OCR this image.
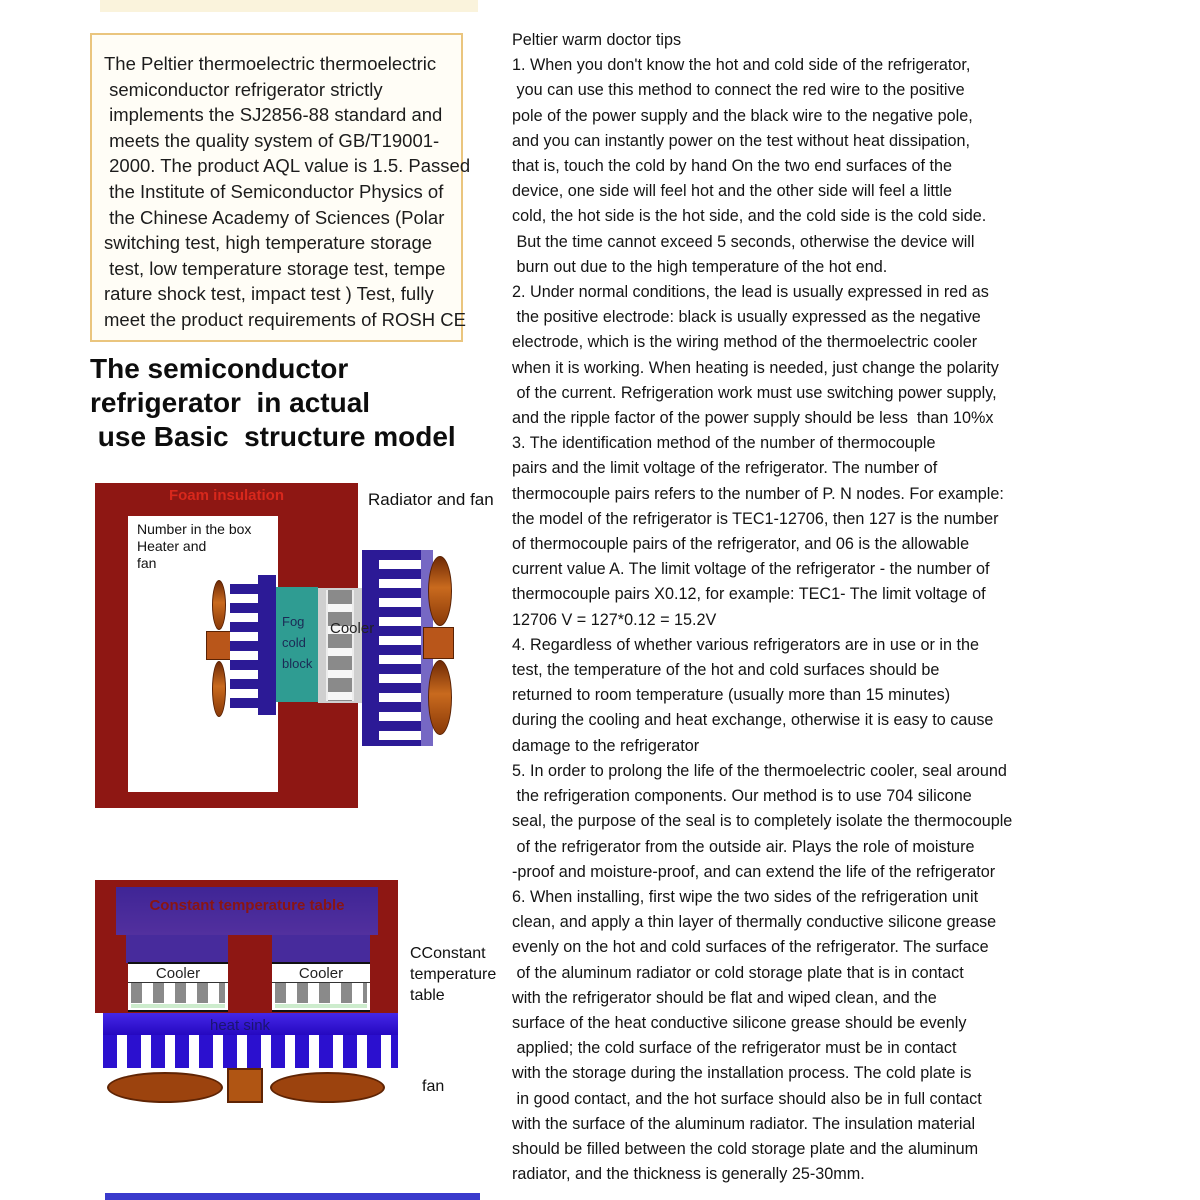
The Peltier thermoelectric thermoelectric
semiconductor refrigerator strictly
implements the SJ2856-88 standard and
meets the quality system of GB/T19001-
2000. The product AQL value is 1.5. Passed
the Institute of Semiconductor Physics of
the Chinese Academy of Sciences (Polar
switching test, high temperature storage
test, low temperature storage test, tempe
rature shock test, impact test ) Test, fully
meet the product requirements of ROSH CE
The semiconductor
refrigerator  in actual
use Basic  structure model
Foam insulation
Number in the box
Heater and
fan
Radiator and fan
Fog
cold
block
Cooler
Constant temperature table
Cooler	Cooler
heat sink
CConstant
temperature
table
fan
Peltier warm doctor tips
1. When you don't know the hot and cold side of the refrigerator,
you can use this method to connect the red wire to the positive
pole of the power supply and the black wire to the negative pole,
and you can instantly power on the test without heat dissipation,
that is, touch the cold by hand On the two end surfaces of the
device, one side will feel hot and the other side will feel a little
cold, the hot side is the hot side, and the cold side is the cold side.
But the time cannot exceed 5 seconds, otherwise the device will
burn out due to the high temperature of the hot end.
2. Under normal conditions, the lead is usually expressed in red as
the positive electrode: black is usually expressed as the negative
electrode, which is the wiring method of the thermoelectric cooler
when it is working. When heating is needed, just change the polarity
of the current. Refrigeration work must use switching power supply,
and the ripple factor of the power supply should be less  than 10%x
3. The identification method of the number of thermocouple
pairs and the limit voltage of the refrigerator. The number of
thermocouple pairs refers to the number of P. N nodes. For example:
the model of the refrigerator is TEC1-12706, then 127 is the number
of thermocouple pairs of the refrigerator, and 06 is the allowable
current value A. The limit voltage of the refrigerator - the number of
thermocouple pairs X0.12, for example: TEC1- The limit voltage of
12706 V = 127*0.12 = 15.2V
4. Regardless of whether various refrigerators are in use or in the
test, the temperature of the hot and cold surfaces should be
returned to room temperature (usually more than 15 minutes)
during the cooling and heat exchange, otherwise it is easy to cause
damage to the refrigerator
5. In order to prolong the life of the thermoelectric cooler, seal around
the refrigeration components. Our method is to use 704 silicone
seal, the purpose of the seal is to completely isolate the thermocouple
of the refrigerator from the outside air. Plays the role of moisture
-proof and moisture-proof, and can extend the life of the refrigerator
6. When installing, first wipe the two sides of the refrigeration unit
clean, and apply a thin layer of thermally conductive silicone grease
evenly on the hot and cold surfaces of the refrigerator. The surface
of the aluminum radiator or cold storage plate that is in contact
with the refrigerator should be flat and wiped clean, and the
surface of the heat conductive silicone grease should be evenly
applied; the cold surface of the refrigerator must be in contact
with the storage during the installation process. The cold plate is
in good contact, and the hot surface should also be in full contact
with the surface of the aluminum radiator. The insulation material
should be filled between the cold storage plate and the aluminum
radiator, and the thickness is generally 25-30mm.
